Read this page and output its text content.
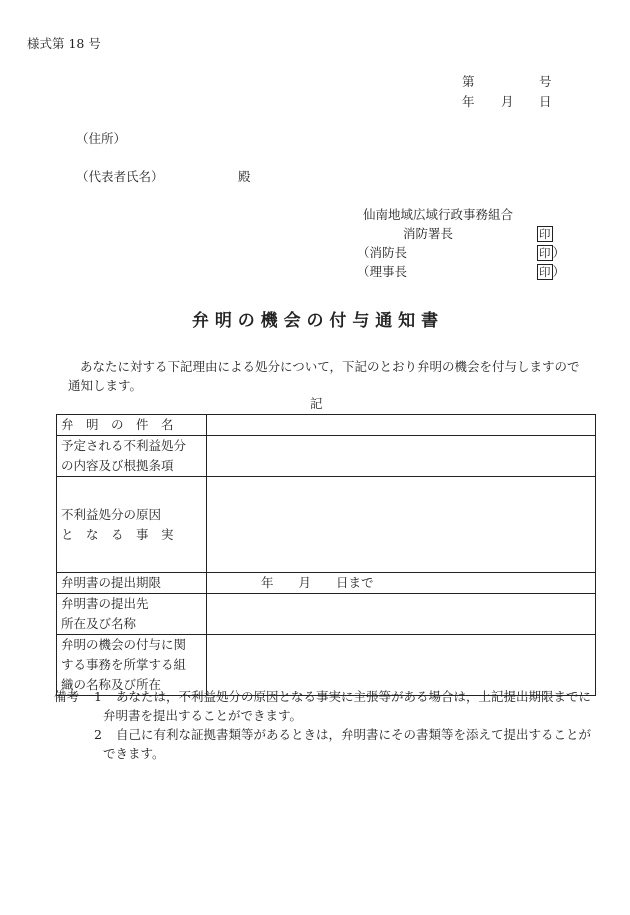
様式第 18 号
第	号
年 月 日
（住所）
（代表者氏名）	殿
仙南地域広域行政事務組合
消防署長	印
（消防長	印 ）
（理事長	印 ）
弁 明 の 機 会 の 付 与 通 知 書
あなたに対する下記理由による処分について，下記のとおり弁明の機会を付与しますので
通知します。
記
弁　明　の　件　名	

予定される不利益処分
の内容及び根拠条項	

不利益処分の原因
と　な　る　事　実	

弁明書の提出期限	年　　月　　日まで

弁明書の提出先
所在及び名称	

弁明の機会の付与に関
する事務を所掌する組
織の名称及び所在	

備考 1 あなたは，不利益処分の原因となる事実に主張等がある場合は，上記提出期限までに
弁明書を提出することができます。
2 自己に有利な証拠書類等があるときは，弁明書にその書類等を添えて提出することが
できます。
